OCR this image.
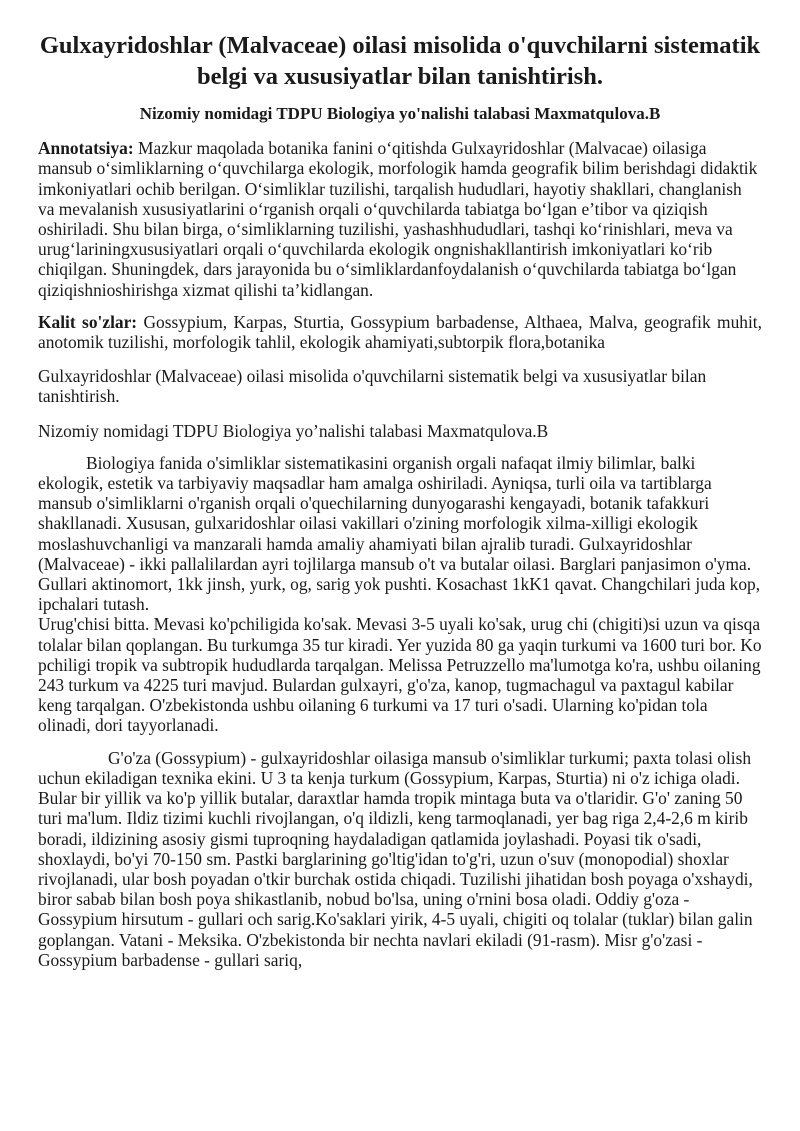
Gulxayridoshlar (Malvaceae) oilasi misolida o'quvchilarni sistematik belgi va xususiyatlar bilan tanishtirish.
Nizomiy nomidagi TDPU Biologiya yo'nalishi talabasi Maxmatqulova.B

Annotatsiya: Mazkur maqolada botanika fanini o‘qitishda Gulxayridoshlar (Malvacae) oilasiga mansub o‘simliklarning o‘quvchilarga ekologik, morfologik hamda geografik bilim berishdagi didaktik imkoniyatlari ochib berilgan. O‘simliklar tuzilishi, tarqalish hududlari, hayotiy shakllari, changlanish va mevalanish xususiyatlarini o‘rganish orqali o‘quvchilarda tabiatga bo‘lgan e’tibor va qiziqish oshiriladi. Shu bilan birga, o‘simliklarning tuzilishi, yashashhududlari, tashqi ko‘rinishlari, meva va urug‘lariningxususiyatlari orqali o‘quvchilarda ekologik ongnishakllantirish imkoniyatlari ko‘rib chiqilgan. Shuningdek, dars jarayonida bu o‘simliklardanfoydalanish o‘quvchilarda tabiatga bo‘lgan qiziqishnioshirishga xizmat qilishi ta’kidlangan.

Kalit so'zlar: Gossypium, Karpas, Sturtia, Gossypium barbadense, Althaea, Malva, geografik muhit, anotomik tuzilishi, morfologik tahlil, ekologik ahamiyati,subtorpik flora,botanika

Gulxayridoshlar (Malvaceae) oilasi misolida o'quvchilarni sistematik belgi va xususiyatlar bilan tanishtirish.

Nizomiy nomidagi TDPU Biologiya yo’nalishi talabasi Maxmatqulova.B

Biologiya fanida o'simliklar sistematikasini organish orgali nafaqat ilmiy bilimlar, balki ekologik, estetik va tarbiyaviy maqsadlar ham amalga oshiriladi. Ayniqsa, turli oila va tartiblarga mansub o'simliklarni o'rganish orqali o'quechilarning dunyogarashi kengayadi, botanik tafakkuri shakllanadi. Xususan, gulxaridoshlar oilasi vakillari o'zining morfologik xilma-xilligi ekologik moslashuvchanligi va manzarali hamda amaliy ahamiyati bilan ajralib turadi. Gulxayridoshlar (Malvaceae) - ikki pallalilardan ayri tojlilarga mansub o't va butalar oilasi. Barglari panjasimon o'yma. Gullari aktinomort, 1kk jinsh, yurk, og, sarig yok pushti. Kosachast 1kK1 qavat. Changchilari juda kop, ipchalari tutash.

Urug'chisi bitta. Mevasi ko'pchiligida ko'sak. Mevasi 3-5 uyali ko'sak, urug chi (chigiti)si uzun va qisqa tolalar bilan qoplangan. Bu turkumga 35 tur kiradi. Yer yuzida 80 ga yaqin turkumi va 1600 turi bor. Ko pchiligi tropik va subtropik hududlarda tarqalgan. Melissa Petruzzello ma'lumotga ko'ra, ushbu oilaning 243 turkum va 4225 turi mavjud. Bulardan gulxayri, g'o'za, kanop, tugmachagul va paxtagul kabilar keng tarqalgan. O'zbekistonda ushbu oilaning 6 turkumi va 17 turi o'sadi. Ularning ko'pidan tola olinadi, dori tayyorlanadi.

G'o'za (Gossypium) - gulxayridoshlar oilasiga mansub o'simliklar turkumi; paxta tolasi olish uchun ekiladigan texnika ekini. U 3 ta kenja turkum (Gossypium, Karpas, Sturtia) ni o'z ichiga oladi. Bular bir yillik va ko'p yillik butalar, daraxtlar hamda tropik mintaga buta va o'tlaridir. G'o' zaning 50 turi ma'lum. Ildiz tizimi kuchli rivojlangan, o'q ildizli, keng tarmoqlanadi, yer bag riga 2,4-2,6 m kirib boradi, ildizining asosiy gismi tuproqning haydaladigan qatlamida joylashadi. Poyasi tik o'sadi, shoxlaydi, bo'yi 70-150 sm. Pastki barglarining go'ltig'idan to'g'ri, uzun o'suv (monopodial) shoxlar rivojlanadi, ular bosh poyadan o'tkir burchak ostida chiqadi. Tuzilishi jihatidan bosh poyaga o'xshaydi, biror sabab bilan bosh poya shikastlanib, nobud bo'lsa, uning o'rnini bosa oladi. Oddiy g'oza - Gossypium hirsutum - gullari och sarig.Ko'saklari yirik, 4-5 uyali, chigiti oq tolalar (tuklar) bilan galin goplangan. Vatani - Meksika. O'zbekistonda bir nechta navlari ekiladi (91-rasm). Misr g'o'zasi - Gossypium barbadense - gullari sariq,
